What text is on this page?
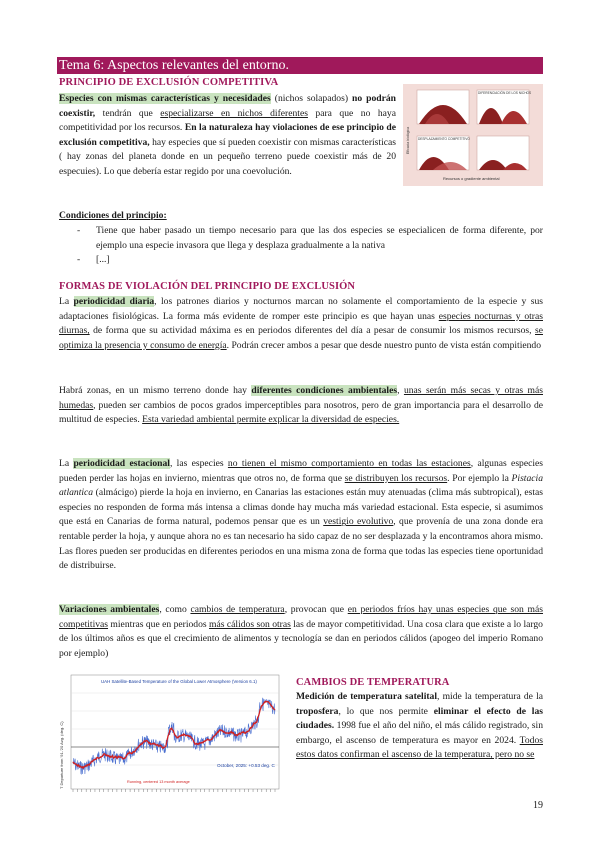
Tema 6: Aspectos relevantes del entorno.
PRINCIPIO DE EXCLUSIÓN COMPETITIVA
Especies con mismas características y necesidades (nichos solapados) no podrán coexistir, tendrán que especializarse en nichos diferentes para que no haya competitividad por los recursos. En la naturaleza hay violaciones de ese principio de exclusión competitiva, hay especies que sí pueden coexistir con mismas características ( hay zonas del planeta donde en un pequeño terreno puede coexistir más de 20 especuies). Lo que debería estar regido por una coevolución.
DIFERENCIACIÓN DE LOS NICHOS
DESPLAZAMIENTO COMPETITIVO
Recursos o gradiente ambiental
Eficacia biológica
Condiciones del principio:
- Tiene que haber pasado un tiempo necesario para que las dos especies se especialicen de forma diferente, por ejemplo una especie invasora que llega y desplaza gradualmente a la nativa
- [...]
FORMAS DE VIOLACIÓN DEL PRINCIPIO DE EXCLUSIÓN
La periodicidad diaria, los patrones diarios y nocturnos marcan no solamente el comportamiento de la especie y sus adaptaciones fisiológicas. La forma más evidente de romper este principio es que hayan unas especies nocturnas y otras diurnas, de forma que su actividad máxima es en periodos diferentes del día a pesar de consumir los mismos recursos, se optimiza la presencia y consumo de energía. Podrán crecer ambos a pesar que desde nuestro punto de vista están compitiendo
Habrá zonas, en un mismo terreno donde hay diferentes condiciones ambientales, unas serán más secas y otras más humedas, pueden ser cambios de pocos grados imperceptibles para nosotros, pero de gran importancia para el desarrollo de multitud de especies. Esta variedad ambiental permite explicar la diversidad de especies.
La periodicidad estacional, las especies no tienen el mismo comportamiento en todas las estaciones, algunas especies pueden perder las hojas en invierno, mientras que otros no, de forma que se distribuyen los recursos. Por ejemplo la Pistacia atlantica (almácigo) pierde la hoja en invierno, en Canarias las estaciones están muy atenuadas (clima más subtropical), estas especies no responden de forma más intensa a climas donde hay mucha más variedad estacional. Esta especie, si asumimos que está en Canarias de forma natural, podemos pensar que es un vestigio evolutivo, que provenía de una zona donde era rentable perder la hoja, y aunque ahora no es tan necesario ha sido capaz de no ser desplazada y la encontramos ahora mismo. Las flores pueden ser producidas en diferentes periodos en una misma zona de forma que todas las especies tiene oportunidad de distribuirse.
Variaciones ambientales, como cambios de temperatura, provocan que en periodos fríos hay unas especies que son más competitivas mientras que en periodos más cálidos son otras las de mayor competitividad. Una cosa clara que existe a lo largo de los últimos años es que el crecimiento de alimentos y tecnología se dan en periodos cálidos (apogeo del imperio Romano por ejemplo)
UAH Satellite-Based Temperature of the Global Lower Atmosphere (Version 6.1)
October, 2025: +0.53 deg. C
Running, centered 13 month average
T Departure from '91-'20 Avg. (deg. C)
CAMBIOS DE TEMPERATURA
Medición de temperatura satelital, mide la temperatura de la troposfera, lo que nos permite eliminar el efecto de las ciudades. 1998 fue el año del niño, el más cálido registrado, sin embargo, el ascenso de temperatura es mayor en 2024. Todos estos datos confirman el ascenso de la temperatura, pero no se
19
